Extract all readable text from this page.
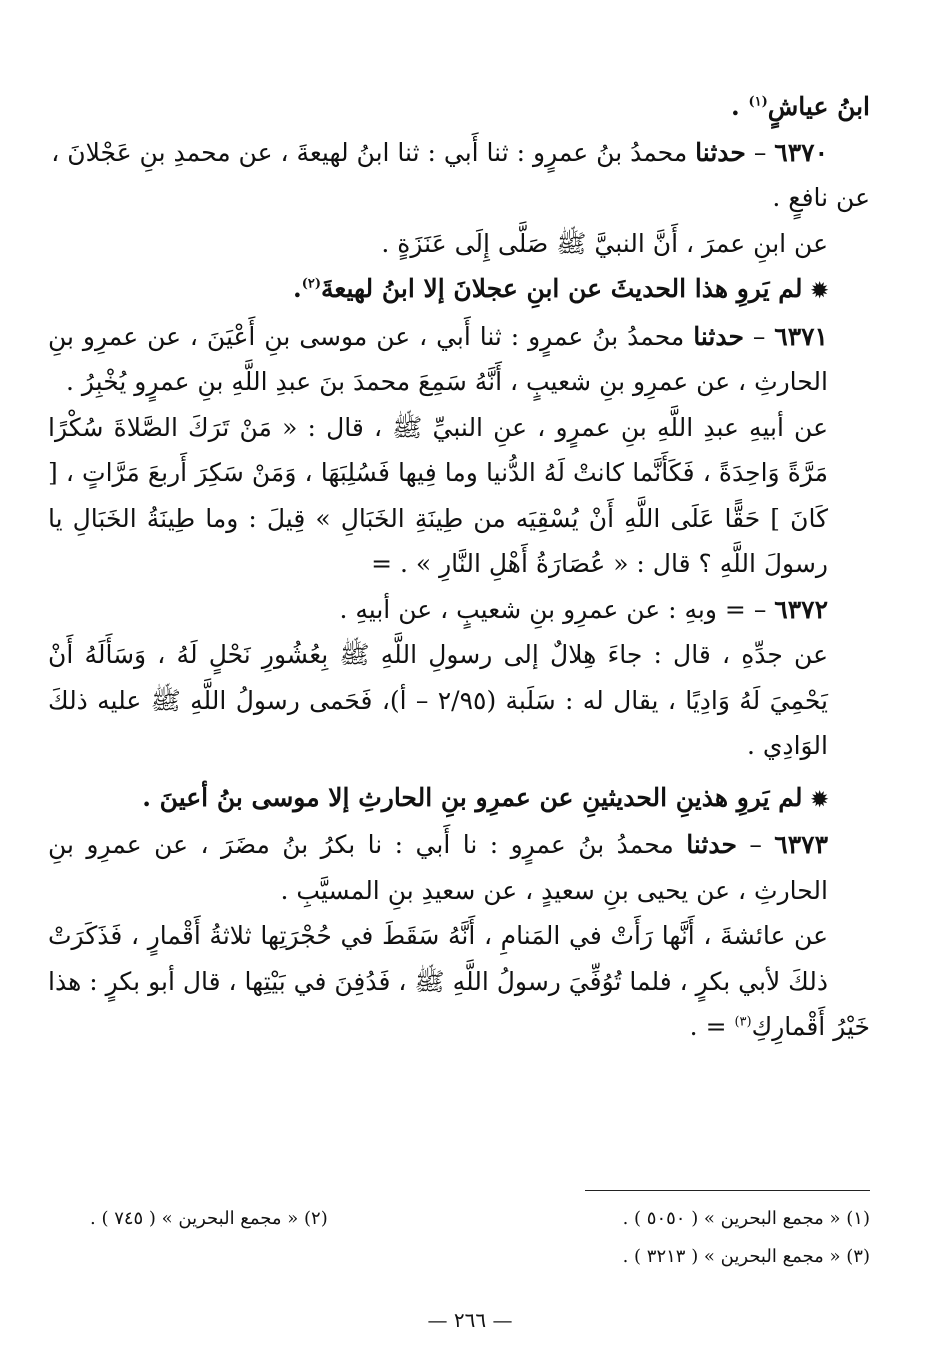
ابنُ عياشٍ$^{(١)}$ .

٦٣٧٠ – حدثنا محمدُ بنُ عمرٍو : ثنا أَبي : ثنا ابنُ لهيعةَ ، عن محمدِ بنِ عَجْلانَ ،

عن نافعٍ .

عن ابنِ عمرَ ، أَنَّ النبيَّ ﷺ صَلَّى إِلَى عَنَزَةٍ .

✹ لم يَروِ هذا الحديثَ عن ابنِ عجلانَ إلا ابنُ لهيعةَ$^{(٢)}$.

٦٣٧١ – حدثنا محمدُ بنُ عمرٍو : ثنا أَبي ، عن موسى بنِ أَعْيَنَ ، عن عمرِو بنِ الحارثِ ، عن عمرِو بنِ شعيبٍ ، أَنَّهُ سَمِعَ محمدَ بنَ عبدِ اللَّهِ بنِ عمرٍو يُخْبِرُ .

عن أبيهِ عبدِ اللَّهِ بنِ عمرٍو ، عنِ النبيِّ ﷺ ، قال : « مَنْ تَرَكَ الصَّلاةَ سُكْرًا مَرَّةً وَاحِدَةً ، فَكَأَنَّما كانتْ لَهُ الدُّنيا وما فِيها فَسُلِبَهَا ، وَمَنْ سَكِرَ أَربعَ مَرَّاتٍ ، [ كَانَ ] حَقًّا عَلَى اللَّهِ أَنْ يُسْقِيَه من طِينَةِ الخَبَالِ » قِيلَ : وما طِينَةُ الخَبَالِ يا رسولَ اللَّهِ ؟ قال : « عُصَارَةُ أَهْلِ النَّارِ » . =

٦٣٧٢ – = وبهِ : عن عمرِو بنِ شعيبٍ ، عن أبيهِ .

عن جدِّهِ ، قال : جاءَ هِلالٌ إلى رسولِ اللَّهِ ﷺ بِعُشُورِ نَحْلٍ لَهُ ، وَسَأَلَهُ أَنْ يَحْمِيَ لَهُ وَادِيًا ، يقال له : سَلَبة (٢/٩٥ – أ)، فَحَمى رسولُ اللَّهِ ﷺ عليه ذلكَ الوَادِي .

✹ لم يَروِ هذينِ الحديثينِ عن عمرِو بنِ الحارثِ إلا موسى بنُ أعينَ .

٦٣٧٣ – حدثنا محمدُ بنُ عمرٍو : نا أَبي : نا بكرُ بنُ مضَرَ ، عن عمرِو بنِ الحارثِ ، عن يحيى بنِ سعيدٍ ، عن سعيدِ بنِ المسيَّبِ .

عن عائشةَ ، أَنَّها رَأَتْ في المَنامِ ، أَنَّهُ سَقَطَ في حُجْرَتِها ثلاثةُ أَقْمارٍ ، فَذَكَرَتْ ذلكَ لأبي بكرٍ ، فلما تُوُفِّيَ رسولُ اللَّهِ ﷺ ، فَدُفِنَ في بَيْتِها ، قال أبو بكرٍ : هذا

خَيْرُ أَقْمارِكِ$^{(٣)}$ = .

(١) « مجمع البحرين » ( ٥٠٥٠ ) .
(٢) « مجمع البحرين » ( ٧٤٥ ) .
(٣) « مجمع البحرين » ( ٣٢١٣ ) .
— ٢٦٦ —
